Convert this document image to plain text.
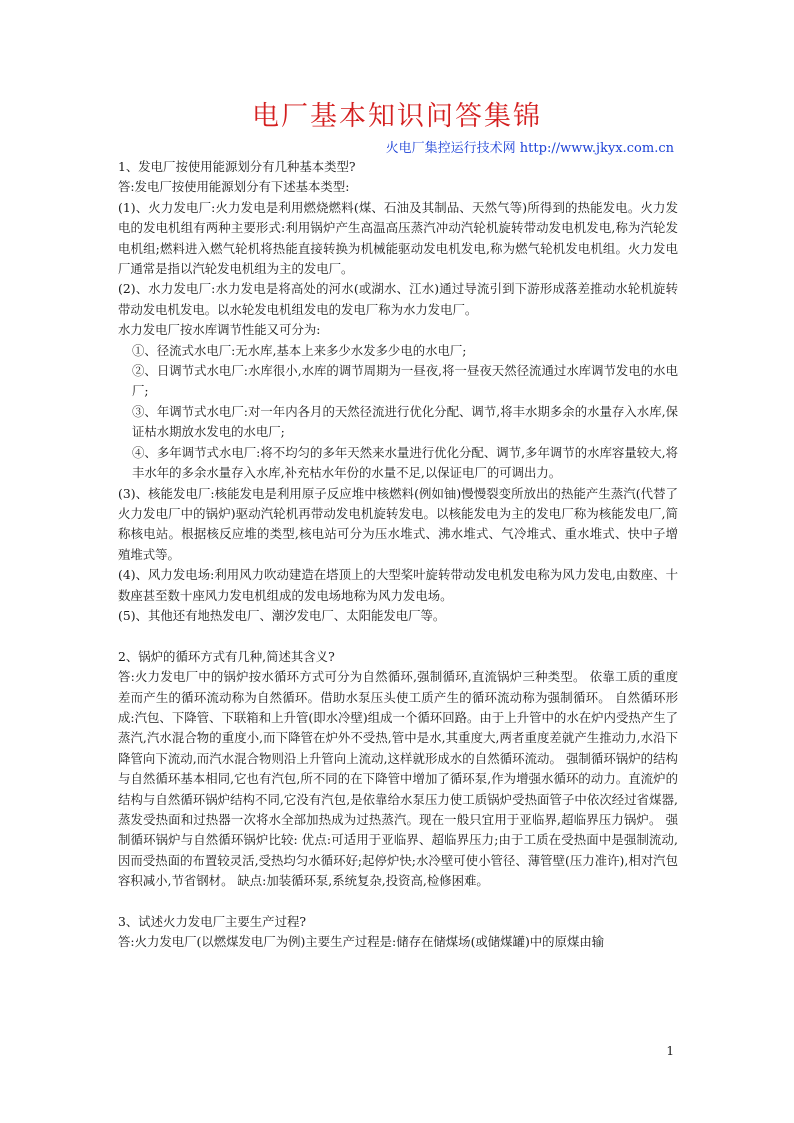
电厂基本知识问答集锦
火电厂集控运行技术网 http://www.jkyx.com.cn

1、发电厂按使用能源划分有几种基本类型?

答:发电厂按使用能源划分有下述基本类型:

(1)、火力发电厂:火力发电是利用燃烧燃料(煤、石油及其制品、天然气等)所得到的热能发电。火力发电的发电机组有两种主要形式:利用锅炉产生高温高压蒸汽冲动汽轮机旋转带动发电机发电,称为汽轮发电机组;燃料进入燃气轮机将热能直接转换为机械能驱动发电机发电,称为燃气轮机发电机组。火力发电厂通常是指以汽轮发电机组为主的发电厂。

(2)、水力发电厂:水力发电是将高处的河水(或湖水、江水)通过导流引到下游形成落差推动水轮机旋转带动发电机发电。以水轮发电机组发电的发电厂称为水力发电厂。

水力发电厂按水库调节性能又可分为:

①、径流式水电厂:无水库,基本上来多少水发多少电的水电厂;

②、日调节式水电厂:水库很小,水库的调节周期为一昼夜,将一昼夜天然径流通过水库调节发电的水电厂;

③、年调节式水电厂:对一年内各月的天然径流进行优化分配、调节,将丰水期多余的水量存入水库,保证枯水期放水发电的水电厂;

④、多年调节式水电厂:将不均匀的多年天然来水量进行优化分配、调节,多年调节的水库容量较大,将丰水年的多余水量存入水库,补充枯水年份的水量不足,以保证电厂的可调出力。

(3)、核能发电厂:核能发电是利用原子反应堆中核燃料(例如铀)慢慢裂变所放出的热能产生蒸汽(代替了火力发电厂中的锅炉)驱动汽轮机再带动发电机旋转发电。以核能发电为主的发电厂称为核能发电厂,简称核电站。根据核反应堆的类型,核电站可分为压水堆式、沸水堆式、气冷堆式、重水堆式、快中子增殖堆式等。

(4)、风力发电场:利用风力吹动建造在塔顶上的大型桨叶旋转带动发电机发电称为风力发电,由数座、十数座甚至数十座风力发电机组成的发电场地称为风力发电场。

(5)、其他还有地热发电厂、潮汐发电厂、太阳能发电厂等。

2、锅炉的循环方式有几种,简述其含义?

答:火力发电厂中的锅炉按水循环方式可分为自然循环,强制循环,直流锅炉三种类型。 依靠工质的重度差而产生的循环流动称为自然循环。借助水泵压头使工质产生的循环流动称为强制循环。 自然循环形成:汽包、下降管、下联箱和上升管(即水冷壁)组成一个循环回路。由于上升管中的水在炉内受热产生了蒸汽,汽水混合物的重度小,而下降管在炉外不受热,管中是水,其重度大,两者重度差就产生推动力,水沿下降管向下流动,而汽水混合物则沿上升管向上流动,这样就形成水的自然循环流动。 强制循环锅炉的结构与自然循环基本相同,它也有汽包,所不同的在下降管中增加了循环泵,作为增强水循环的动力。直流炉的结构与自然循环锅炉结构不同,它没有汽包,是依靠给水泵压力使工质锅炉受热面管子中依次经过省煤器,蒸发受热面和过热器一次将水全部加热成为过热蒸汽。现在一般只宜用于亚临界,超临界压力锅炉。 强制循环锅炉与自然循环锅炉比较: 优点:可适用于亚临界、超临界压力;由于工质在受热面中是强制流动,因而受热面的布置较灵活,受热均匀水循环好;起停炉快;水冷壁可使小管径、薄管壁(压力准许),相对汽包容积减小,节省钢材。 缺点:加装循环泵,系统复杂,投资高,检修困难。

3、试述火力发电厂主要生产过程?

答:火力发电厂(以燃煤发电厂为例)主要生产过程是:储存在储煤场(或储煤罐)中的原煤由输

1
